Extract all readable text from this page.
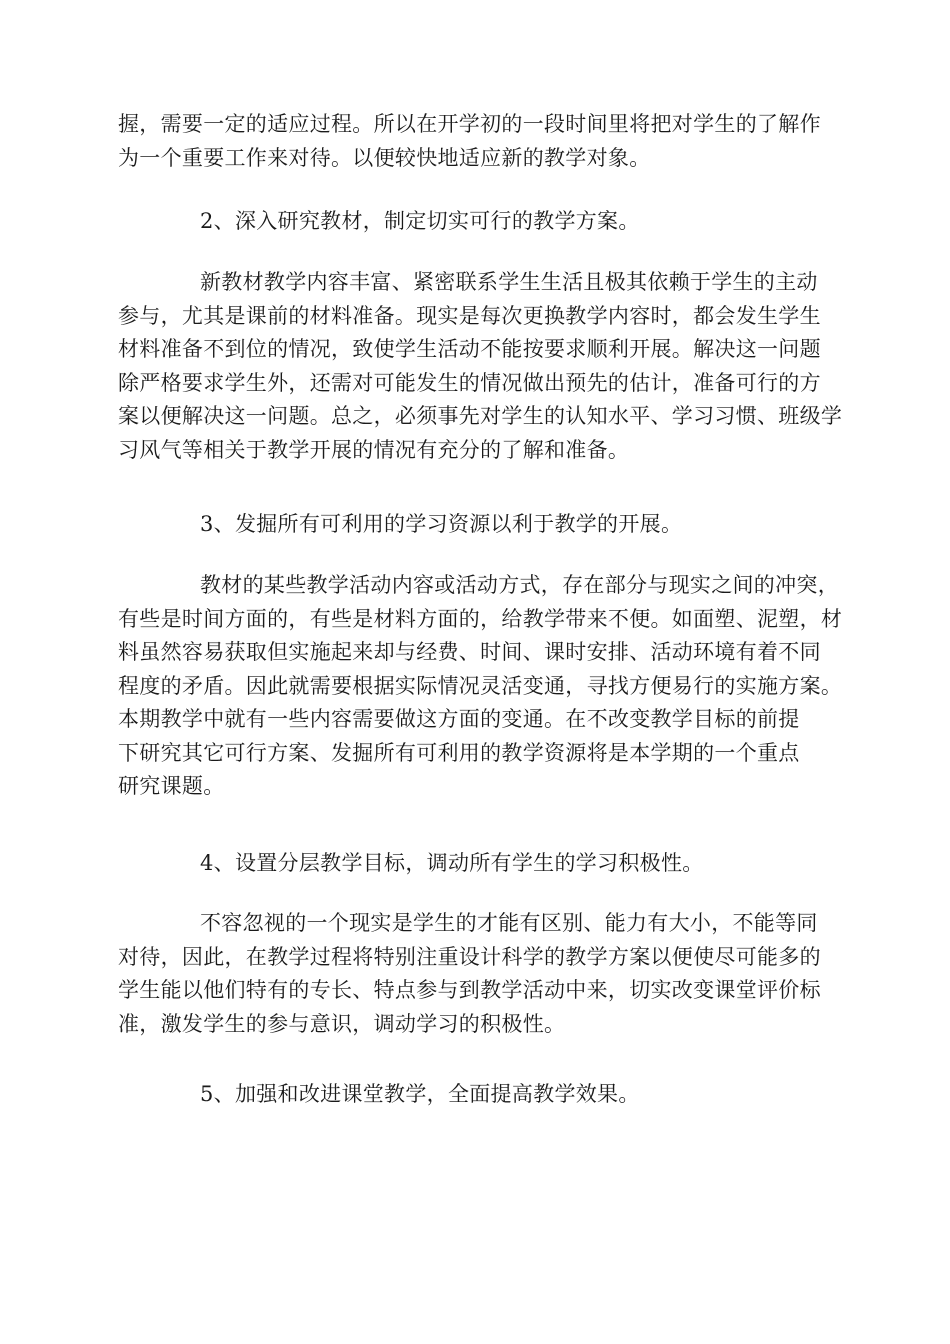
握，需要一定的适应过程。所以在开学初的一段时间里将把对学生的了解作
为一个重要工作来对待。以便较快地适应新的教学对象。
2、深入研究教材，制定切实可行的教学方案。
新教材教学内容丰富、紧密联系学生生活且极其依赖于学生的主动
参与，尤其是课前的材料准备。现实是每次更换教学内容时，都会发生学生
材料准备不到位的情况，致使学生活动不能按要求顺利开展。解决这一问题
除严格要求学生外，还需对可能发生的情况做出预先的估计，准备可行的方
案以便解决这一问题。总之，必须事先对学生的认知水平、学习习惯、班级学
习风气等相关于教学开展的情况有充分的了解和准备。
3、发掘所有可利用的学习资源以利于教学的开展。
教材的某些教学活动内容或活动方式，存在部分与现实之间的冲突，
有些是时间方面的，有些是材料方面的，给教学带来不便。如面塑、泥塑，材
料虽然容易获取但实施起来却与经费、时间、课时安排、活动环境有着不同
程度的矛盾。因此就需要根据实际情况灵活变通，寻找方便易行的实施方案。
本期教学中就有一些内容需要做这方面的变通。在不改变教学目标的前提
下研究其它可行方案、发掘所有可利用的教学资源将是本学期的一个重点
研究课题。
4、设置分层教学目标，调动所有学生的学习积极性。
不容忽视的一个现实是学生的才能有区别、能力有大小，不能等同
对待，因此，在教学过程将特别注重设计科学的教学方案以便使尽可能多的
学生能以他们特有的专长、特点参与到教学活动中来，切实改变课堂评价标
准，激发学生的参与意识，调动学习的积极性。
5、加强和改进课堂教学，全面提高教学效果。
